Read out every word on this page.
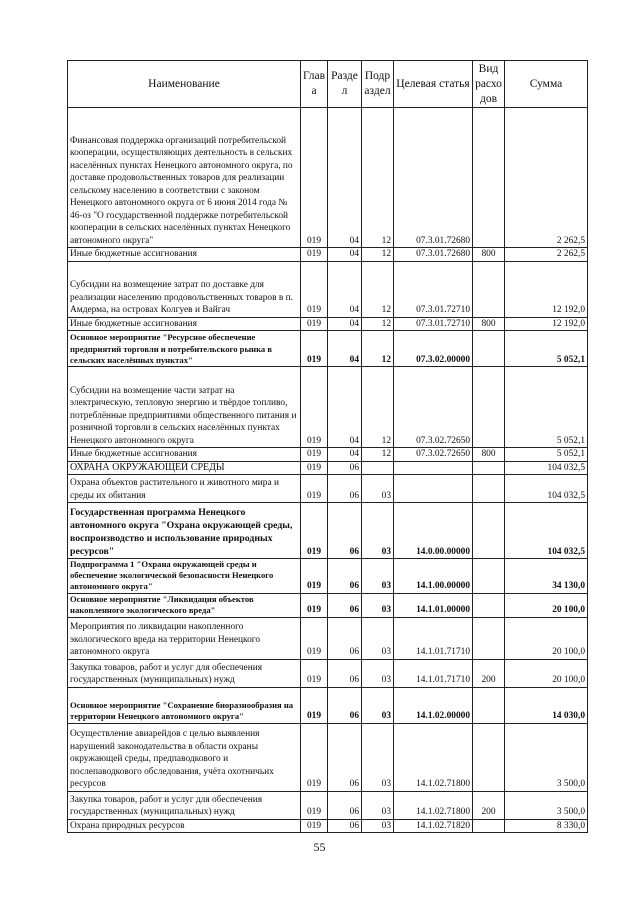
Наименование	Глав а	Разде л	Подр аздел	Целевая статья	Вид расхо дов	Сумма
Финансовая поддержка организаций потребительской кооперации, осуществляющих деятельность в сельских населённых пунктах Ненецкого автономного округа, по доставке продовольственных товаров для реализации сельскому населению в соответствии с законом Ненецкого автономного округа от 6 июня 2014 года № 46-оз "О государственной поддержке потребительской кооперации в сельских населённых пунктах Ненецкого автономного округа"	019	04	12	07.3.01.72680		2 262,5
Иные бюджетные ассигнования	019	04	12	07.3.01.72680	800	2 262,5
Субсидии на возмещение затрат по доставке для реализации населению продовольственных товаров в п. Амдерма, на островах Колгуев и Вайгач	019	04	12	07.3.01.72710		12 192,0
Иные бюджетные ассигнования	019	04	12	07.3.01.72710	800	12 192,0
Основное мероприятие "Ресурсное обеспечение предприятий торговли и потребительского рынка в сельских населённых пунктах"	019	04	12	07.3.02.00000		5 052,1
Субсидии на возмещение части затрат на электрическую, тепловую энергию и твёрдое топливо, потреблённые предприятиями общественного питания и розничной торговли в сельских населённых пунктах Ненецкого автономного округа	019	04	12	07.3.02.72650		5 052,1
Иные бюджетные ассигнования	019	04	12	07.3.02.72650	800	5 052,1
ОХРАНА ОКРУЖАЮЩЕЙ СРЕДЫ	019	06				104 032,5
Охрана объектов растительного и животного мира и среды их обитания	019	06	03			104 032,5
Государственная программа Ненецкого автономного округа "Охрана окружающей среды, воспроизводство и использование природных ресурсов"	019	06	03	14.0.00.00000		104 032,5
Подпрограмма 1 "Охрана окружающей среды и обеспечение экологической безопасности Ненецкого автономного округа"	019	06	03	14.1.00.00000		34 130,0
Основное мероприятие "Ликвидация объектов накопленного экологического вреда"	019	06	03	14.1.01.00000		20 100,0
Мероприятия по ликвидации накопленного экологического вреда на территории Ненецкого автономного округа	019	06	03	14.1.01.71710		20 100,0
Закупка товаров, работ и услуг для обеспечения государственных (муниципальных) нужд	019	06	03	14.1.01.71710	200	20 100,0
Основное мероприятие "Сохранение биоразнообразия на территории Ненецкого автономного округа"	019	06	03	14.1.02.00000		14 030,0
Осуществление авиарейдов с целью выявления нарушений законодательства в области охраны окружающей среды, предпаводкового и послепаводкового обследования, учёта охотничьих ресурсов	019	06	03	14.1.02.71800		3 500,0
Закупка товаров, работ и услуг для обеспечения государственных (муниципальных) нужд	019	06	03	14.1.02.71800	200	3 500,0
Охрана природных ресурсов	019	06	03	14.1.02.71820		8 330,0
55
